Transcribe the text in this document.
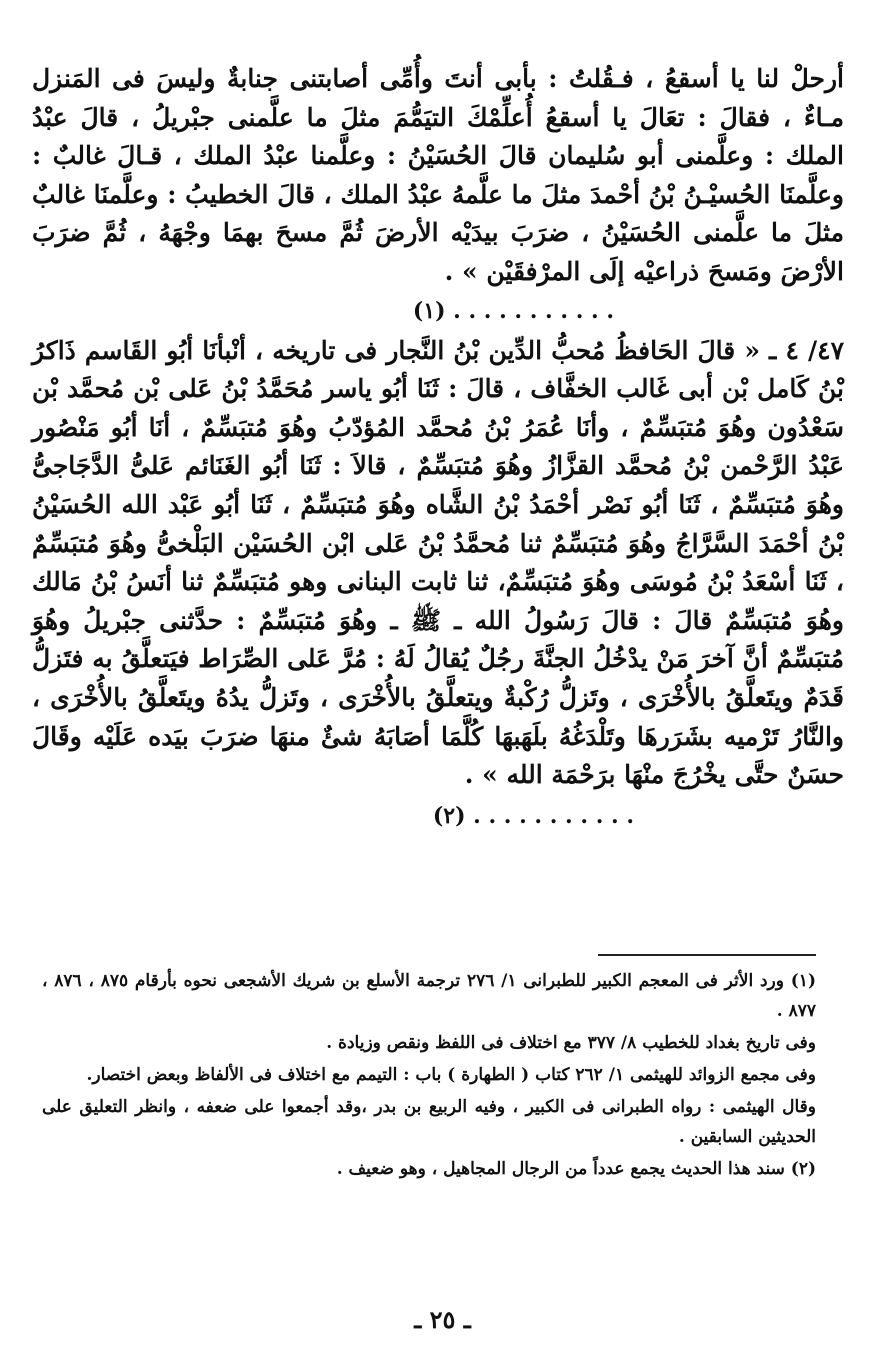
أرحلْ لنا يا أسقعُ ، فـقُلتُ : بأبى أنتَ وأُمِّى أصابتنى جنابةٌ وليسَ فى المَنزل مـاءٌ ، فقالَ : تعَالَ يا أسقعُ أُعلِّمْكَ التيَمُّمَ مثلَ ما علَّمنى جبْريلُ ، قالَ عبْدُ الملك : وعلَّمنى أبو سُليمان قالَ الحُسَيْنُ : وعلَّمنا عبْدُ الملك ، قـالَ غالبٌ : وعلَّمنَا الحُسيْـنُ بْنُ أحْمدَ مثلَ ما علَّمهُ عبْدُ الملك ، قالَ الخطيبُ : وعلَّمنَا غالبٌ مثلَ ما علَّمنى الحُسَيْنُ ، ضرَبَ بيدَيْه الأرضَ ثُمَّ مسحَ بهمَا وجْهَهُ ، ثُمَّ ضرَبَ الأرْضَ ومَسحَ ذراعيْه إلَى المرْفقَيْن » .

. . . . . . . . . . . (١)

٤٧/ ٤ ـ « قالَ الحَافظُ مُحبُّ الدِّين بْنُ النَّجار فى تاريخه ، أنْبأنَا أبُو القَاسم ذَاكرُ بْنُ كَامل بْن أبى غَالب الخفَّاف ، قالَ : ثَنَا أبُو ياسر مُحَمَّدُ بْنُ عَلى بْن مُحمَّد بْن سَعْدُون وهُوَ مُتبَسِّمٌ ، وأنَا عُمَرُ بْنُ مُحمَّد المُؤدّبُ وهُوَ مُتبَسِّمٌ ، أنَا أبُو مَنْصُور عَبْدُ الرَّحْمن بْنُ مُحمَّد القزَّازُ وهُوَ مُتبَسِّمٌ ، قالاَ : ثَنَا أبُو الغَنَائم عَلىُّ الدَّجَاجىُّ وهُوَ مُتبَسِّمٌ ، ثَنَا أبُو نَصْر أحْمَدُ بْنُ الشَّاه وهُوَ مُتبَسِّمٌ ، ثَنَا أبُو عَبْد الله الحُسَيْنُ بْنُ أحْمَدَ السَّرَّاجُ وهُوَ مُتبَسِّمٌ ثنا مُحمَّدُ بْنُ عَلى ابْن الحُسَيْن البَلْخىُّ وهُوَ مُتبَسِّمٌ ، ثَنَا أسْعَدُ بْنُ مُوسَى وهُوَ مُتبَسِّمٌ، ثنا ثابت البنانى وهو مُتبَسِّمٌ ثنا أنَسُ بْنُ مَالك وهُوَ مُتبَسِّمٌ قالَ : قالَ رَسُولُ الله ـ ﷺ ـ وهُوَ مُتبَسِّمٌ : حدَّثنى جبْريلُ وهُوَ مُتبَسِّمٌ أنَّ آخرَ مَنْ يدْخُلُ الجنَّةَ رجُلٌ يُقالُ لَهُ : مُرَّ عَلى الصِّرَاط فيَتعلَّقُ به فتَزلُّ قَدَمٌ ويتَعلَّقُ بالأُخْرَى ، وتَزلُّ رُكْبةٌ ويتعلَّقُ بالأُخْرَى ، وتَزلُّ يدُهُ ويتَعلَّقُ بالأُخْرَى ، والنَّارُ تَرْميه بشَرَرهَا وتَلْدَغُهُ بلَهَبهَا كُلَّمَا أصَابَهُ شئٌ منهَا ضرَبَ بيَده عَلَيْه وقَالَ حسَنٌ حتَّى يخْرُجَ منْهَا برَحْمَة الله » .

. . . . . . . . . . . (٢)

(١) ورد الأثر فى المعجم الكبير للطبرانى ١/ ٢٧٦ ترجمة الأسلع بن شريك الأشجعى نحوه بأرقام ٨٧٥ ، ٨٧٦ ، ٨٧٧ .

وفى تاريخ بغداد للخطيب ٨/ ٣٧٧ مع اختلاف فى اللفظ ونقص وزيادة .

وفى مجمع الزوائد للهيثمى ١/ ٢٦٢ كتاب ( الطهارة ) باب : التيمم مع اختلاف فى الألفاظ وبعض اختصار.

وقال الهيثمى : رواه الطبرانى فى الكبير ، وفيه الربيع بن بدر ،وقد أجمعوا على ضعفه ، وانظر التعليق على الحديثين السابقين .

(٢) سند هذا الحديث يجمع عدداً من الرجال المجاهيل ، وهو ضعيف .

ـ ٢٥ ـ
